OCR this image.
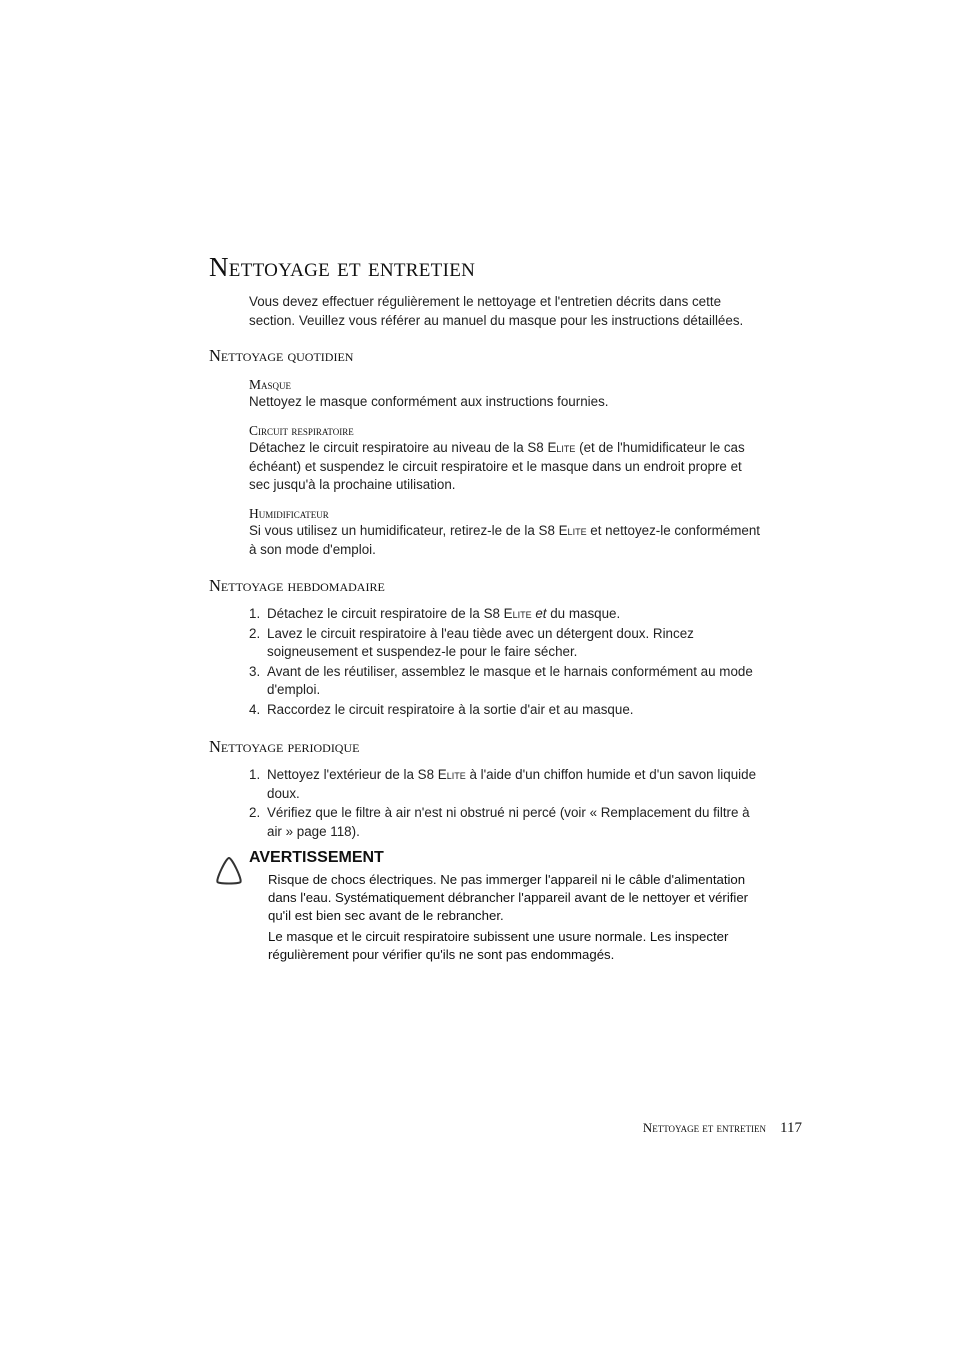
Nettoyage et entretien

Vous devez effectuer régulièrement le nettoyage et l'entretien décrits dans cette section. Veuillez vous référer au manuel du masque pour les instructions détaillées.

Nettoyage quotidien
Masque

Nettoyez le masque conformément aux instructions fournies.

Circuit respiratoire

Détachez le circuit respiratoire au niveau de la S8 Elite (et de l'humidificateur le cas échéant) et suspendez le circuit respiratoire et le masque dans un endroit propre et sec jusqu'à la prochaine utilisation.

Humidificateur

Si vous utilisez un humidificateur, retirez-le de la S8 Elite et nettoyez-le conformément à son mode d'emploi.

Nettoyage hebdomadaire
1. Détachez le circuit respiratoire de la S8 Elite et du masque.
2. Lavez le circuit respiratoire à l'eau tiède avec un détergent doux. Rincez soigneusement et suspendez-le pour le faire sécher.
3. Avant de les réutiliser, assemblez le masque et le harnais conformément au mode d'emploi.
4. Raccordez le circuit respiratoire à la sortie d'air et au masque.
Nettoyage periodique
1. Nettoyez l'extérieur de la S8 Elite à l'aide d'un chiffon humide et d'un savon liquide doux.
2. Vérifiez que le filtre à air n'est ni obstrué ni percé (voir « Remplacement du filtre à air » page 118).
AVERTISSEMENT

Risque de chocs électriques. Ne pas immerger l'appareil ni le câble d'alimentation dans l'eau. Systématiquement débrancher l'appareil avant de le nettoyer et vérifier qu'il est bien sec avant de le rebrancher.

Le masque et le circuit respiratoire subissent une usure normale. Les inspecter régulièrement pour vérifier qu'ils ne sont pas endommagés.

Nettoyage et entretien 117
